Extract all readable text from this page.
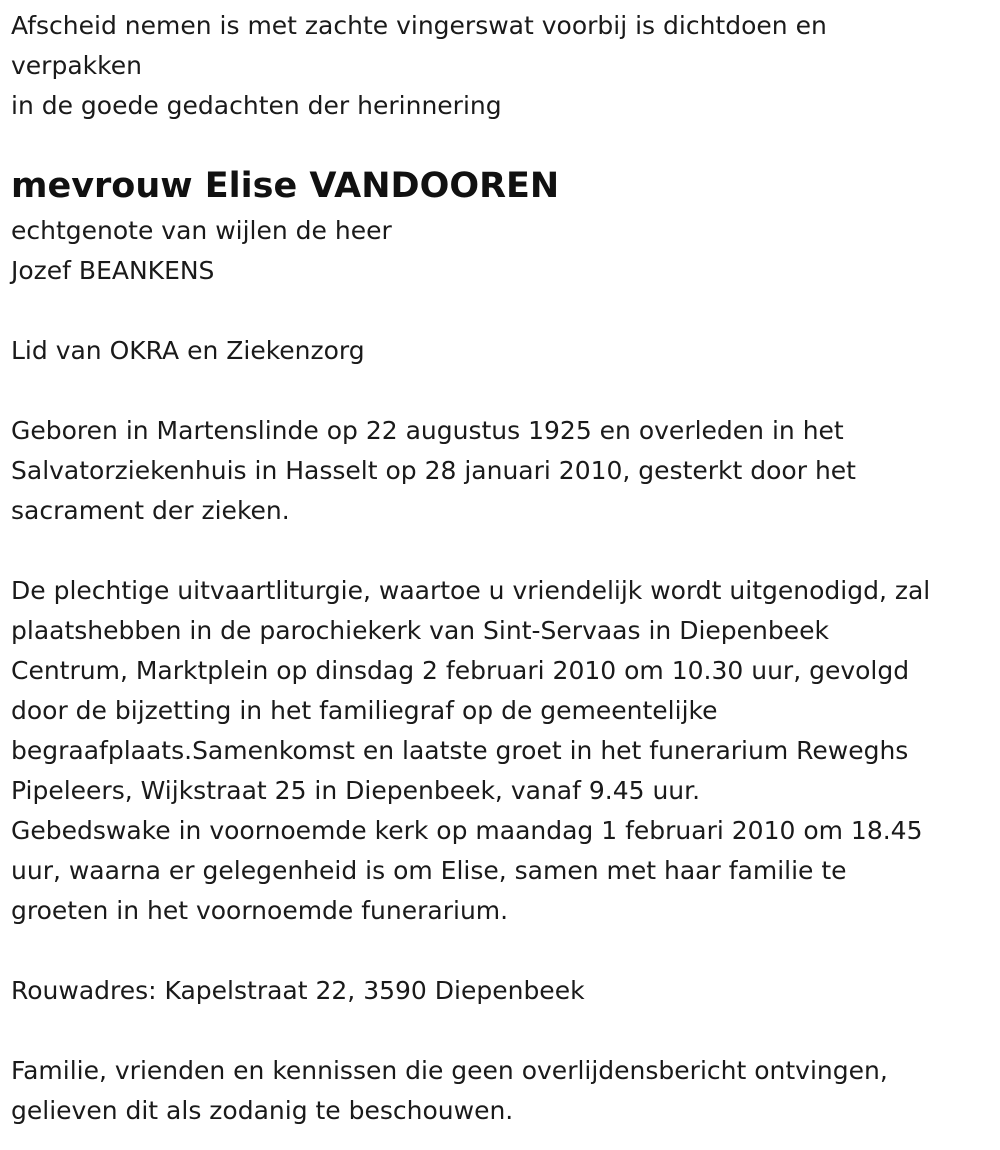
Afscheid nemen is met zachte vingerswat voorbij is dichtdoen en

verpakken

in de goede gedachten der herinnering

mevrouw Elise VANDOOREN

echtgenote van wijlen de heer

Jozef BEANKENS

Lid van OKRA en Ziekenzorg

Geboren in Martenslinde op 22 augustus 1925 en overleden in het

Salvatorziekenhuis in Hasselt op 28 januari 2010, gesterkt door het

sacrament der zieken.

De plechtige uitvaartliturgie, waartoe u vriendelijk wordt uitgenodigd, zal

plaatshebben in de parochiekerk van Sint-Servaas in Diepenbeek

Centrum, Marktplein op dinsdag 2 februari 2010 om 10.30 uur, gevolgd

door de bijzetting in het familiegraf op de gemeentelijke

begraafplaats.Samenkomst en laatste groet in het funerarium Reweghs

Pipeleers, Wijkstraat 25 in Diepenbeek, vanaf 9.45 uur.

Gebedswake in voornoemde kerk op maandag 1 februari 2010 om 18.45

uur, waarna er gelegenheid is om Elise, samen met haar familie te

groeten in het voornoemde funerarium.

Rouwadres: Kapelstraat 22, 3590 Diepenbeek

Familie, vrienden en kennissen die geen overlijdensbericht ontvingen,

gelieven dit als zodanig te beschouwen.
